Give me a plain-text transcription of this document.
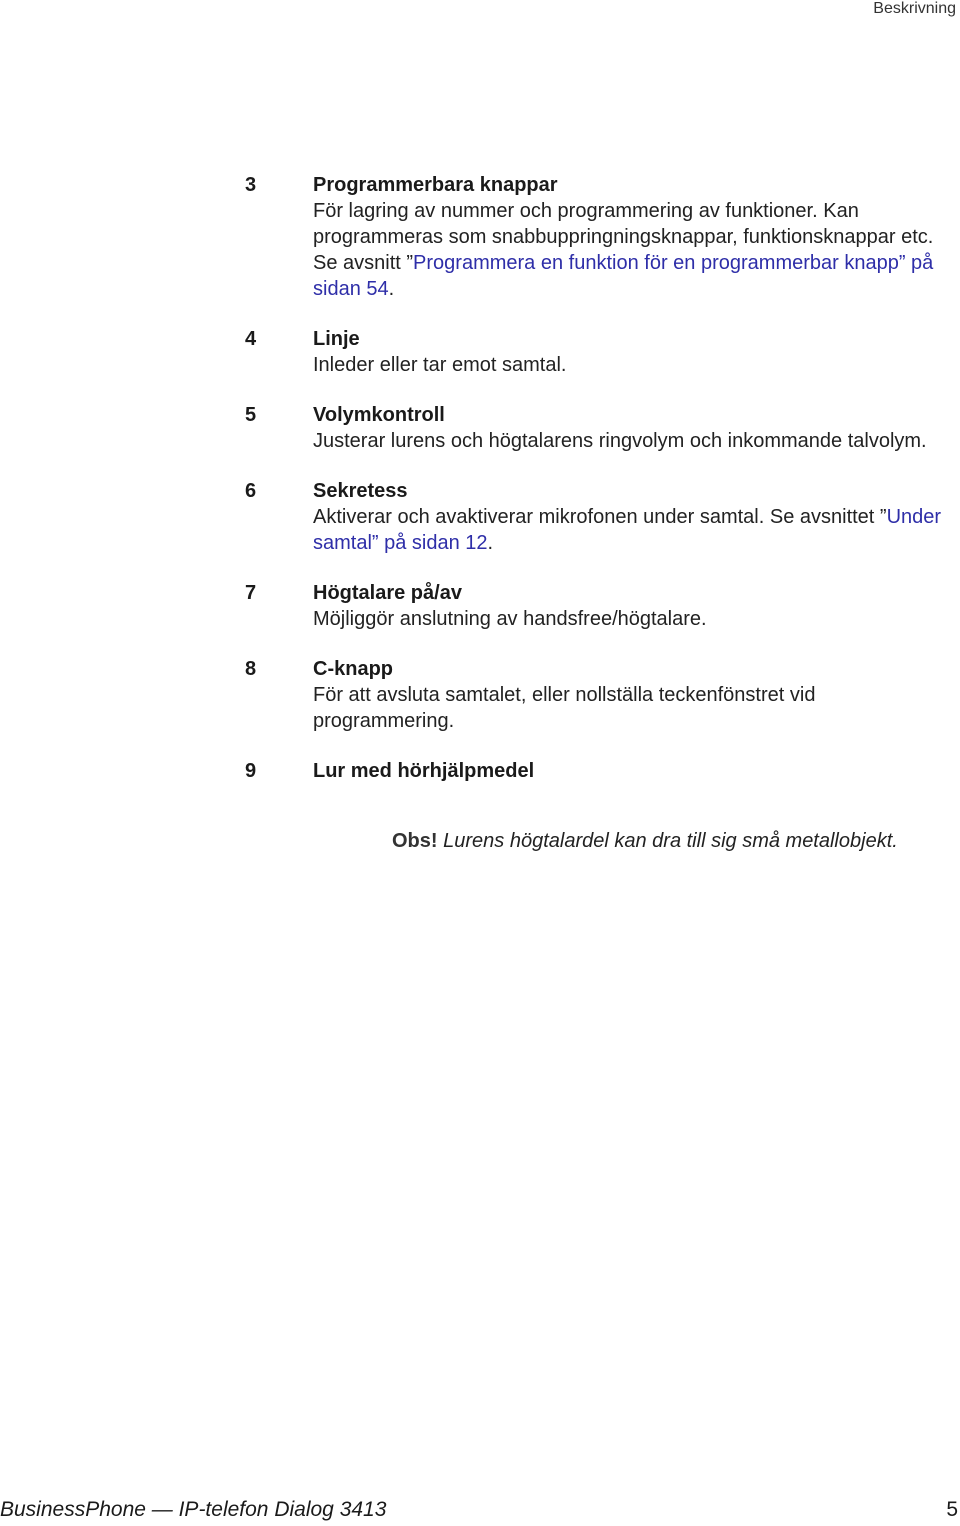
Beskrivning
3	Programmerbara knappar
För lagring av nummer och programmering av funktioner. Kan programmeras som snabbuppringningsknappar, funktionsknappar etc. Se avsnitt ”Programmera en funktion för en programmerbar knapp” på sidan 54.
4	Linje
Inleder eller tar emot samtal.
5	Volymkontroll
Justerar lurens och högtalarens ringvolym och inkommande talvolym.
6	Sekretess
Aktiverar och avaktiverar mikrofonen under samtal. Se avsnittet ”Under samtal” på sidan 12.
7	Högtalare på/av
Möjliggör anslutning av handsfree/högtalare.
8	C-knapp
För att avsluta samtalet, eller nollställa teckenfönstret vid programmering.
9	Lur med hörhjälpmedel
Obs! Lurens högtalardel kan dra till sig små metallobjekt.
BusinessPhone — IP-telefon Dialog 3413	5
